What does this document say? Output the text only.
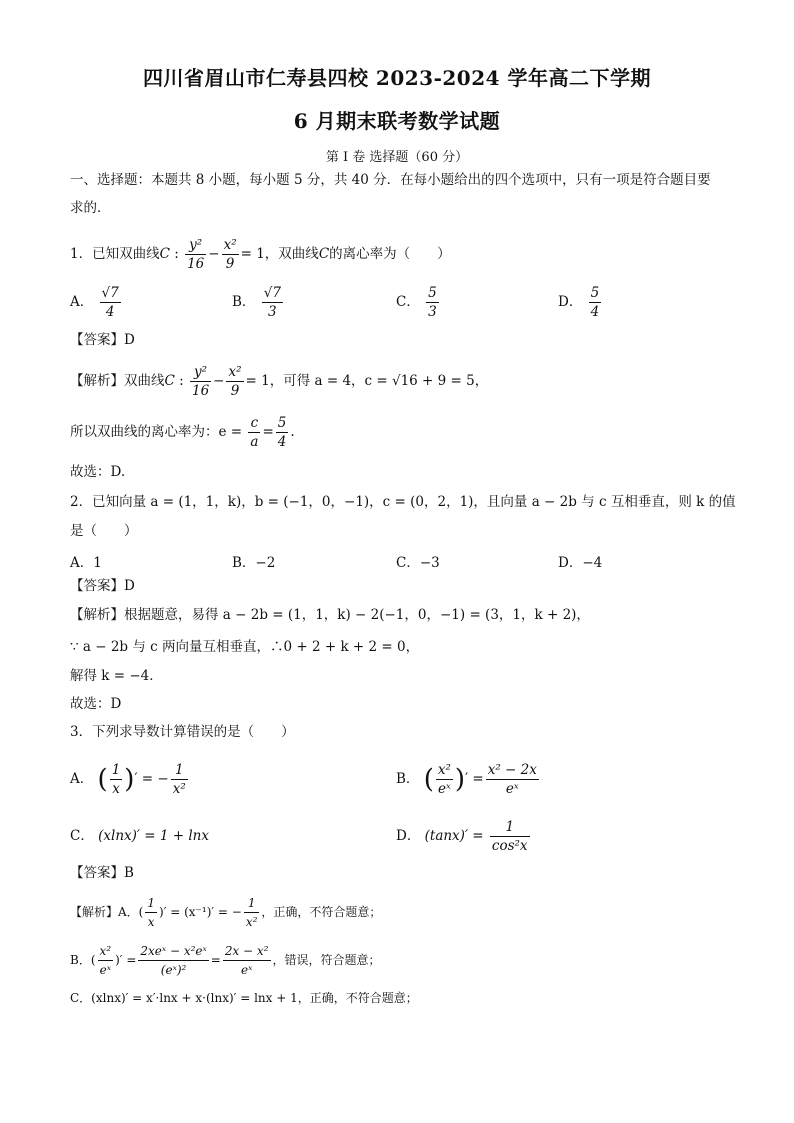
四川省眉山市仁寿县四校 2023-2024 学年高二下学期
6 月期末联考数学试题
第 I 卷 选择题（60 分）
一、选择题：本题共 8 小题，每小题 5 分，共 40 分．在每小题给出的四个选项中，只有一项是符合题目要
求的．
1．已知双曲线C : $\frac{\text{y²}}{16} - \frac{\text{x²}}{9} = 1$，双曲线C的离心率为（　　）
A． $\frac{√7}{4}$	B． $\frac{√7}{3}$	C． $\frac{5}{3}$	D． $\frac{5}{4}$
【答案】D
【解析】双曲线C : $\frac{\text{y²}}{16} - \frac{\text{x²}}{9} = 1$，可得 a = 4，c = √16 + 9 = 5，
所以双曲线的离心率为：$e = \frac{c}{a} = \frac{5}{4}$ .
故选：D.
2．已知向量 a = (1，1，k)，b = (−1，0，−1)，c = (0，2，1)，且向量 a − 2b 与 c 互相垂直，则 k 的值
是（　　）
A．1	B．−2	C．−3	D．−4
【答案】D
【解析】根据题意，易得 a − 2b = (1，1，k) − 2(−1，0，−1) = (3，1，k + 2)，
∵ a − 2b 与 c 两向量互相垂直，∴0 + 2 + k + 2 = 0，
解得 k = −4．
故选：D
3．下列求导数计算错误的是（　　）
A． ( $\frac{1}{x}$ )′ = − $\frac{1}{\text{x²}}$	B． ( $\frac{\text{x²}}{\text{eˣ}}$ )′ = $\frac{\text{x² − 2x}}{\text{eˣ}}$
C． (xlnx)′ = 1 + lnx	D． $(\tan x)' = \frac{1}{\text{cos²x}}$
【答案】B
【解析】A．( $\frac{1}{x}$ )′ = (x⁻¹)′ = − $\frac{1}{\text{x²}}$ ，正确，不符合题意；
B．( $\frac{\text{x²}}{\text{eˣ}}$ )′ = $\frac{\text{2xeˣ − x²eˣ}}{\text{(eˣ)²}} = \frac{\text{2x − x²}}{\text{eˣ}}$ ，错误，符合题意；
C．(xlnx)′ = x′·lnx + x·(lnx)′ = lnx + 1，正确，不符合题意；
